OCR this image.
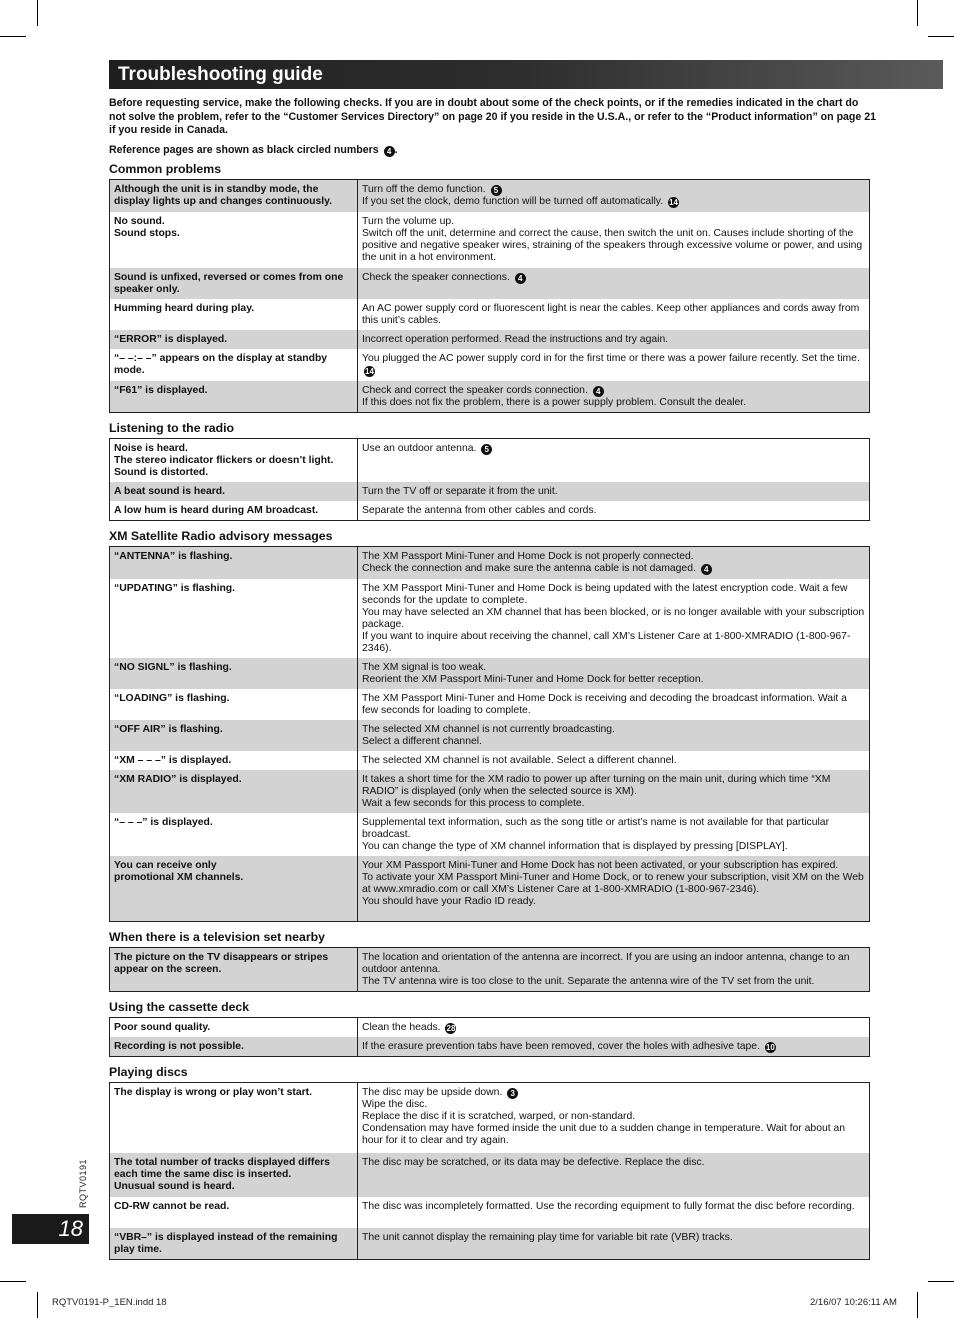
Troubleshooting guide

Before requesting service, make the following checks. If you are in doubt about some of the check points, or if the remedies indicated in the chart do not solve the problem, refer to the “Customer Services Directory” on page 20 if you reside in the U.S.A., or refer to the “Product information” on page 21 if you reside in Canada.

Reference pages are shown as black circled numbers 4 .

Common problems
Although the unit is in standby mode, the display lights up and changes continuously.	Turn off the demo function. 5
If you set the clock, demo function will be turned off automatically. 14
No sound.
Sound stops.	Turn the volume up.
Switch off the unit, determine and correct the cause, then switch the unit on. Causes include shorting of the positive and negative speaker wires, straining of the speakers through excessive volume or power, and using the unit in a hot environment.
Sound is unfixed, reversed or comes from one speaker only.	Check the speaker connections. 4
Humming heard during play.	An AC power supply cord or fluorescent light is near the cables. Keep other appliances and cords away from this unit’s cables.
“ERROR” is displayed.	Incorrect operation performed. Read the instructions and try again.
“– –:– –” appears on the display at standby mode.	You plugged the AC power supply cord in for the first time or there was a power failure recently. Set the time. 14
“F61” is displayed.	Check and correct the speaker cords connection. 4
If this does not fix the problem, there is a power supply problem. Consult the dealer.
Listening to the radio
Noise is heard.
The stereo indicator flickers or doesn’t light.
Sound is distorted.	Use an outdoor antenna. 5
A beat sound is heard.	Turn the TV off or separate it from the unit.
A low hum is heard during AM broadcast.	Separate the antenna from other cables and cords.
XM Satellite Radio advisory messages
“ANTENNA” is flashing.	The XM Passport Mini-Tuner and Home Dock is not properly connected.
Check the connection and make sure the antenna cable is not damaged. 4
“UPDATING” is flashing.	The XM Passport Mini-Tuner and Home Dock is being updated with the latest encryption code. Wait a few seconds for the update to complete.
You may have selected an XM channel that has been blocked, or is no longer available with your subscription package.
If you want to inquire about receiving the channel, call XM’s Listener Care at 1-800-XMRADIO (1-800-967-2346).
“NO SIGNL” is flashing.	The XM signal is too weak.
Reorient the XM Passport Mini-Tuner and Home Dock for better reception.
“LOADING” is flashing.	The XM Passport Mini-Tuner and Home Dock is receiving and decoding the broadcast information. Wait a few seconds for loading to complete.
“OFF AIR” is flashing.	The selected XM channel is not currently broadcasting.
Select a different channel.
“XM – – –” is displayed.	The selected XM channel is not available. Select a different channel.
“XM RADIO” is displayed.	It takes a short time for the XM radio to power up after turning on the main unit, during which time “XM RADIO” is displayed (only when the selected source is XM).
Wait a few seconds for this process to complete.
“– – –” is displayed.	Supplemental text information, such as the song title or artist’s name is not available for that particular broadcast.
You can change the type of XM channel information that is displayed by pressing [DISPLAY].
You can receive only
promotional XM channels.	Your XM Passport Mini-Tuner and Home Dock has not been activated, or your subscription has expired.
To activate your XM Passport Mini-Tuner and Home Dock, or to renew your subscription, visit XM on the Web at www.xmradio.com or call XM’s Listener Care at 1-800-XMRADIO (1-800-967-2346).
You should have your Radio ID ready.
When there is a television set nearby
The picture on the TV disappears or stripes appear on the screen.	The location and orientation of the antenna are incorrect. If you are using an indoor antenna, change to an outdoor antenna.
The TV antenna wire is too close to the unit. Separate the antenna wire of the TV set from the unit.
Using the cassette deck
Poor sound quality.	Clean the heads. 28
Recording is not possible.	If the erasure prevention tabs have been removed, cover the holes with adhesive tape. 10
Playing discs
The display is wrong or play won’t start.	The disc may be upside down. 3
Wipe the disc.
Replace the disc if it is scratched, warped, or non-standard.
Condensation may have formed inside the unit due to a sudden change in temperature. Wait for about an hour for it to clear and try again.
The total number of tracks displayed differs each time the same disc is inserted.
Unusual sound is heard.	The disc may be scratched, or its data may be defective. Replace the disc.
CD-RW cannot be read.	The disc was incompletely formatted. Use the recording equipment to fully format the disc before recording.
“VBR–” is displayed instead of the remaining play time.	The unit cannot display the remaining play time for variable bit rate (VBR) tracks.
RQTV0191
18
RQTV0191-P_1EN.indd 18	2/16/07 10:26:11 AM
